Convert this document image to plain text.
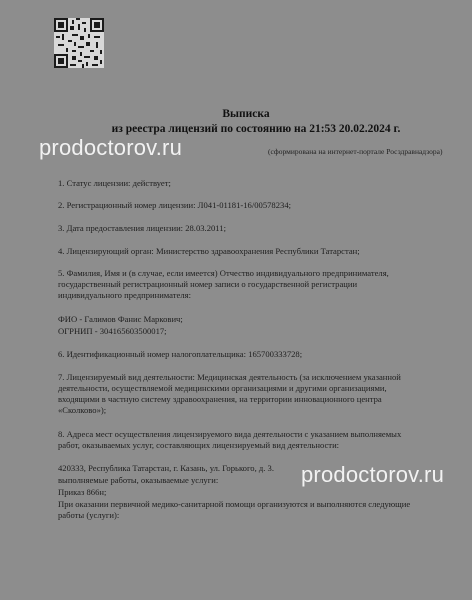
Выписка
из реестра лицензий по состоянию на 21:53 20.02.2024 г.
(сформирована на интернет-портале Росздравнадзора)
1. Статус лицензии: действует;
2. Регистрационный номер лицензии: Л041-01181-16/00578234;
3. Дата предоставления лицензии: 28.03.2011;
4. Лицензирующий орган: Министерство здравоохранения Республики Татарстан;
5. Фамилия, Имя и (в случае, если имеется) Отчество индивидуального предпринимателя,
государственный регистрационный номер записи о государственной регистрации
индивидуального предпринимателя:
ФИО - Галимов Фанис Маркович;
ОГРНИП - 304165603500017;
6. Идентификационный номер налогоплательщика: 165700333728;
7. Лицензируемый вид деятельности: Медицинская деятельность (за исключением указанной
деятельности, осуществляемой медицинскими организациями и другими организациями,
входящими в частную систему здравоохранения, на территории инновационного центра
«Сколково»);
8. Адреса мест осуществления лицензируемого вида деятельности с указанием выполняемых
работ, оказываемых услуг, составляющих лицензируемый вид деятельности:
420333, Республика Татарстан, г. Казань, ул. Горького, д. 3.
выполняемые работы, оказываемые услуги:
Приказ 866н;
При оказании первичной медико-санитарной помощи организуются и выполняются следующие
работы (услуги):
prodoctorov.ru
prodoctorov.ru
